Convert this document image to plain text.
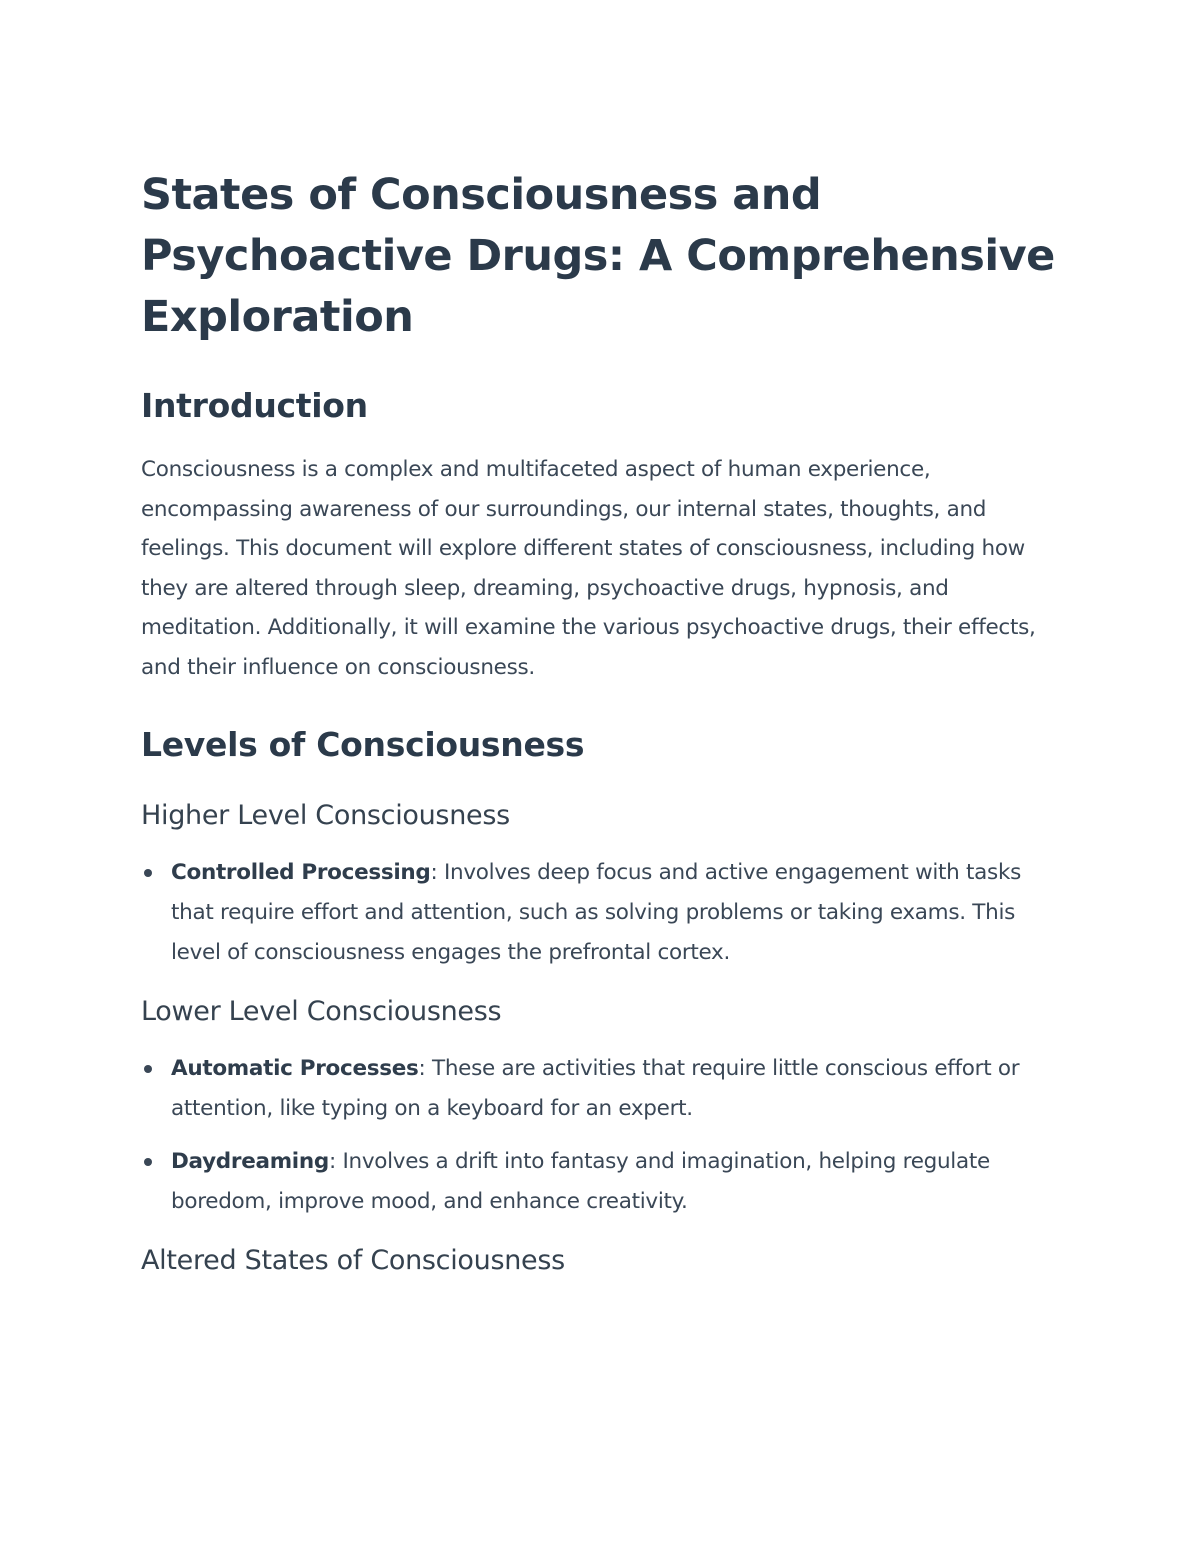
States of Consciousness and Psychoactive Drugs: A Comprehensive Exploration
Introduction

Consciousness is a complex and multifaceted aspect of human experience, encompassing awareness of our surroundings, our internal states, thoughts, and feelings. This document will explore different states of consciousness, including how they are altered through sleep, dreaming, psychoactive drugs, hypnosis, and meditation. Additionally, it will examine the various psychoactive drugs, their effects, and their influence on consciousness.

Levels of Consciousness
Higher Level Consciousness
Controlled Processing: Involves deep focus and active engagement with tasks that require effort and attention, such as solving problems or taking exams. This level of consciousness engages the prefrontal cortex.
Lower Level Consciousness
Automatic Processes: These are activities that require little conscious effort or attention, like typing on a keyboard for an expert.
Daydreaming: Involves a drift into fantasy and imagination, helping regulate boredom, improve mood, and enhance creativity.
Altered States of Consciousness
